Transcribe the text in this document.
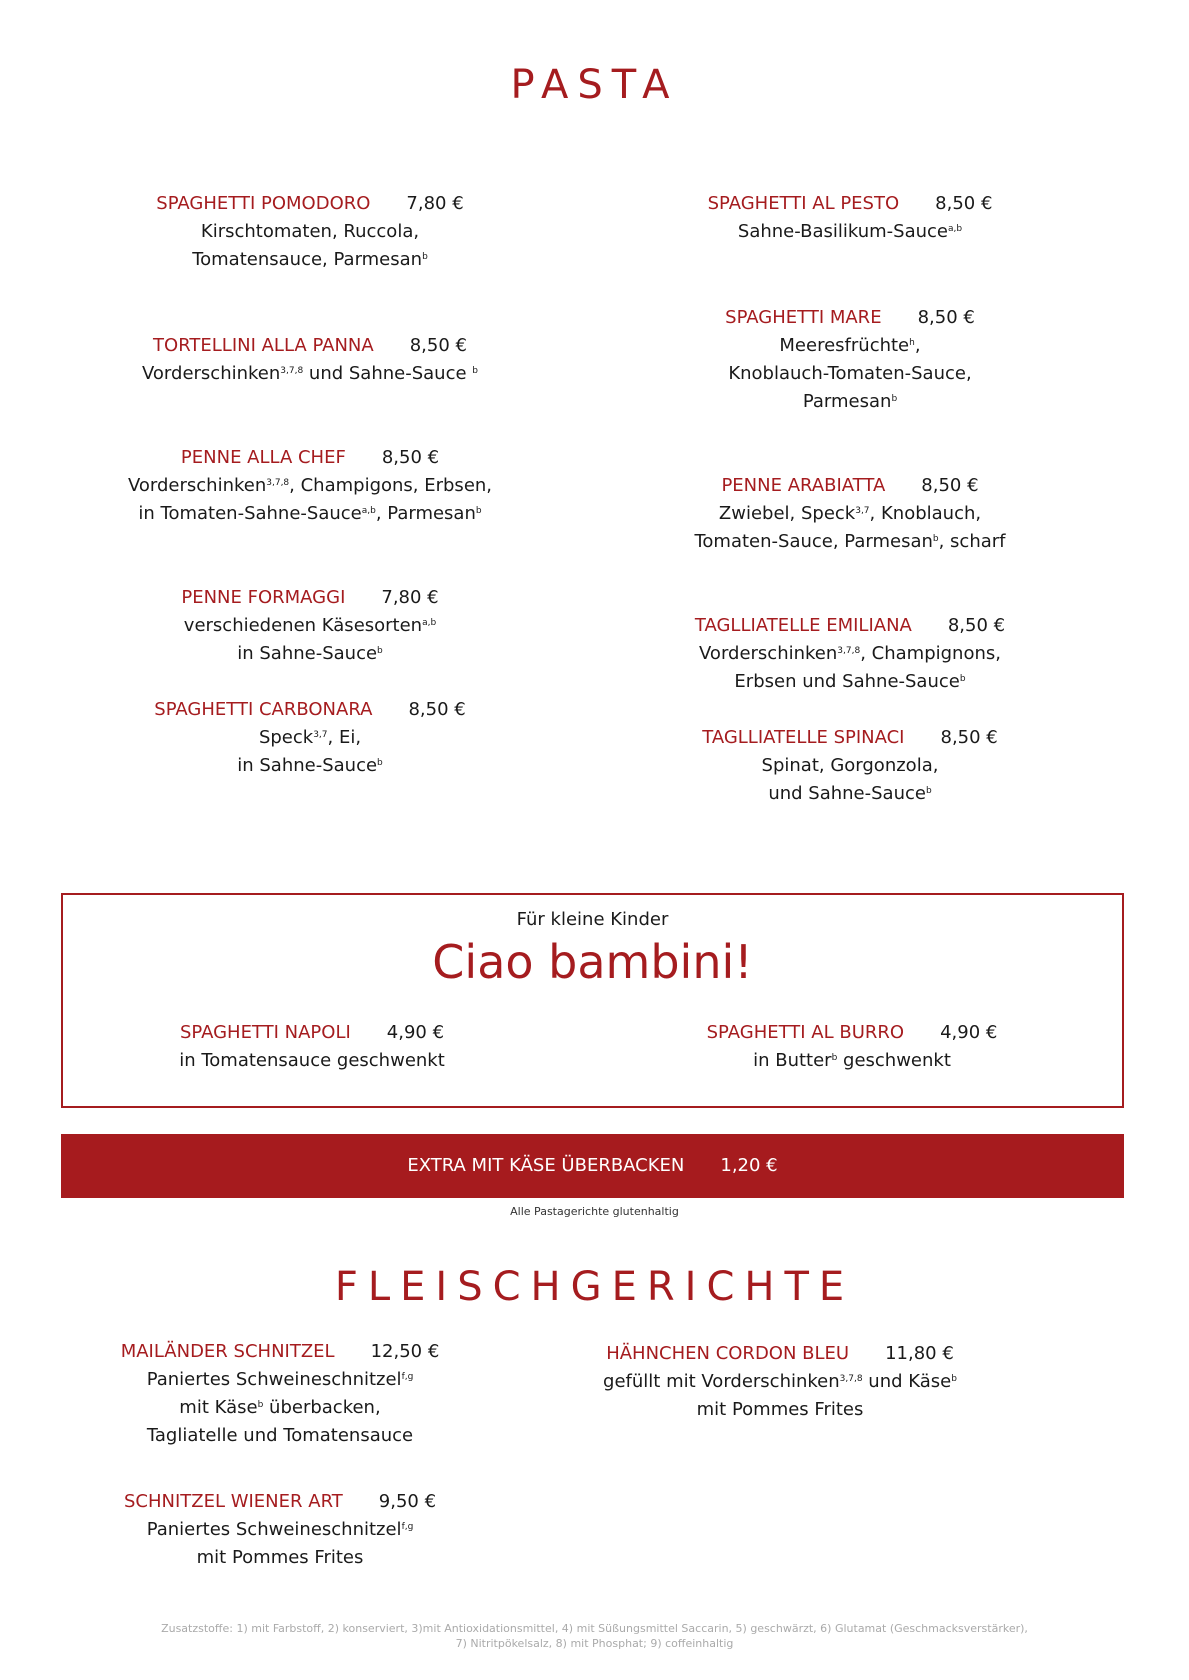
PASTA
SPAGHETTI POMODORO 7,80 €
Kirschtomaten, Ruccola,
Tomatensauce, Parmesan$^b$
TORTELLINI ALLA PANNA 8,50 €
Vorderschinken$^{3,7,8}$ und Sahne-Sauce $^b$
PENNE ALLA CHEF 8,50 €
Vorderschinken$^{3,7,8}$, Champigons, Erbsen,
in Tomaten-Sahne-Sauce$^{a,b}$, Parmesan$^b$
PENNE FORMAGGI 7,80 €
verschiedenen Käsesorten$^{a,b}$
in Sahne-Sauce$^b$
SPAGHETTI CARBONARA 8,50 €
Speck$^{3,7}$, Ei,
in Sahne-Sauce$^b$
SPAGHETTI AL PESTO 8,50 €
Sahne-Basilikum-Sauce$^{a,b}$
SPAGHETTI MARE 8,50 €
Meeresfrüchte$^h$,
Knoblauch-Tomaten-Sauce,
Parmesan$^b$
PENNE ARABIATTA 8,50 €
Zwiebel, Speck$^{3,7}$, Knoblauch,
Tomaten-Sauce, Parmesan$^b$, scharf
TAGLLIATELLE EMILIANA 8,50 €
Vorderschinken$^{3,7,8}$, Champignons,
Erbsen und Sahne-Sauce$^b$
TAGLLIATELLE SPINACI 8,50 €
Spinat, Gorgonzola,
und Sahne-Sauce$^b$
Für kleine Kinder
Ciao bambini!
SPAGHETTI NAPOLI 4,90 €
in Tomatensauce geschwenkt
SPAGHETTI AL BURRO 4,90 €
in Butter$^b$ geschwenkt
EXTRA MIT KÄSE ÜBERBACKEN 1,20 €
Alle Pastagerichte glutenhaltig
FLEISCHGERICHTE
MAILÄNDER SCHNITZEL 12,50 €
Paniertes Schweineschnitzel$^{f,g}$
mit Käse$^b$ überbacken,
Tagliatelle und Tomatensauce
HÄHNCHEN CORDON BLEU 11,80 €
gefüllt mit Vorderschinken$^{3,7,8}$ und Käse$^b$
mit Pommes Frites
SCHNITZEL WIENER ART 9,50 €
Paniertes Schweineschnitzel$^{f,g}$
mit Pommes Frites
Zusatzstoffe: 1) mit Farbstoff, 2) konserviert, 3)mit Antioxidationsmittel, 4) mit Süßungsmittel Saccarin, 5) geschwärzt, 6) Glutamat (Geschmacksverstärker),
7) Nitritpökelsalz, 8) mit Phosphat; 9) coffeinhaltig
